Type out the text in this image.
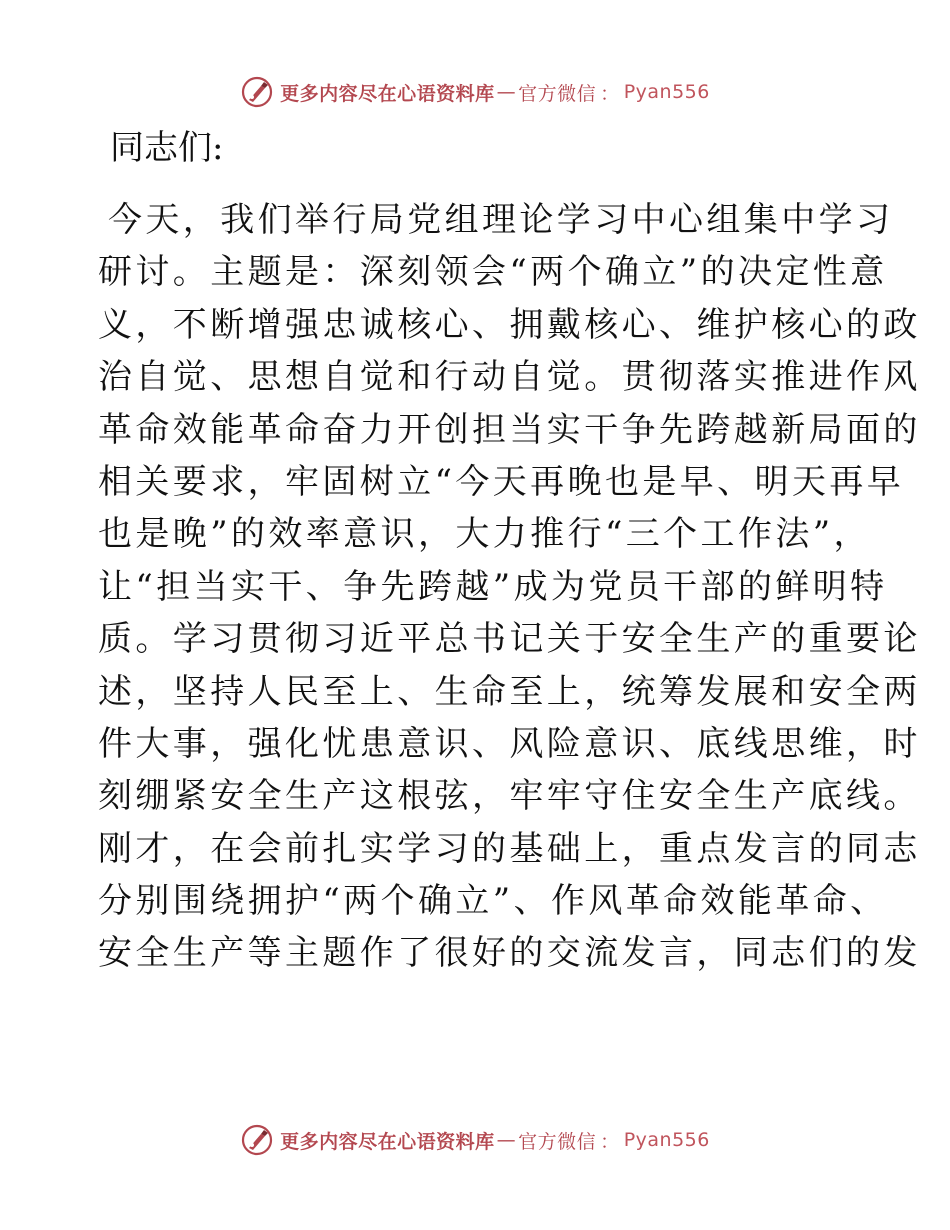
更多内容尽在心语资料库 — 官方微信 ： Pyan556
同志们:
今天，我们举行局党组理论学习中心组集中学习
研讨。主题是：深刻领会“两个确立”的决定性意
义，不断增强忠诚核心、拥戴核心、维护核心的政
治自觉、思想自觉和行动自觉。贯彻落实推进作风
革命效能革命奋力开创担当实干争先跨越新局面的
相关要求，牢固树立“今天再晚也是早、明天再早
也是晚”的效率意识，大力推行“三个工作法”，
让“担当实干、争先跨越”成为党员干部的鲜明特
质。学习贯彻习近平总书记关于安全生产的重要论
述，坚持人民至上、生命至上，统筹发展和安全两
件大事，强化忧患意识、风险意识、底线思维，时
刻绷紧安全生产这根弦，牢牢守住安全生产底线。
刚才，在会前扎实学习的基础上，重点发言的同志
分别围绕拥护“两个确立”、作风革命效能革命、
安全生产等主题作了很好的交流发言，同志们的发
更多内容尽在心语资料库 — 官方微信 ： Pyan556
